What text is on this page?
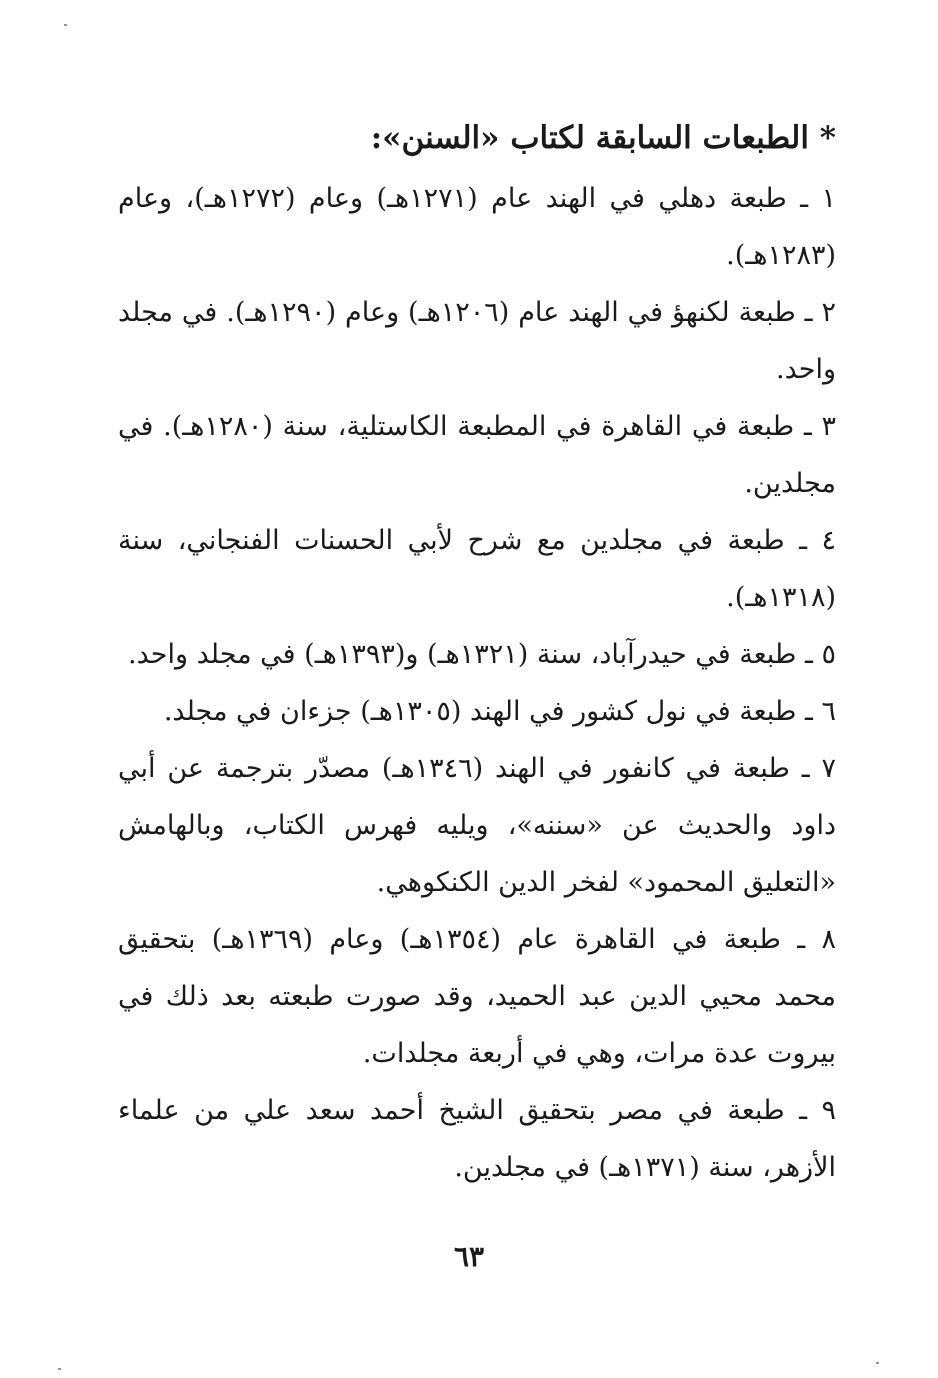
* الطبعات السابقة لكتاب «السنن»:

١ ـ طبعة دهلي في الهند عام (١٢٧١هـ) وعام (١٢٧٢هـ)، وعام (١٢٨٣هـ).

٢ ـ طبعة لكنهؤ في الهند عام (١٢٠٦هـ) وعام (١٢٩٠هـ). في مجلد واحد.

٣ ـ طبعة في القاهرة في المطبعة الكاستلية، سنة (١٢٨٠هـ). في مجلدين.

٤ ـ طبعة في مجلدين مع شرح لأبي الحسنات الفنجاني، سنة (١٣١٨هـ).

٥ ـ طبعة في حيدرآباد، سنة (١٣٢١هـ) و(١٣٩٣هـ) في مجلد واحد.

٦ ـ طبعة في نول كشور في الهند (١٣٠٥هـ) جزءان في مجلد.

٧ ـ طبعة في كانفور في الهند (١٣٤٦هـ) مصدّر بترجمة عن أبي داود والحديث عن «سننه»، ويليه فهرس الكتاب، وبالهامش «التعليق المحمود» لفخر الدين الكنكوهي.

٨ ـ طبعة في القاهرة عام (١٣٥٤هـ) وعام (١٣٦٩هـ) بتحقيق محمد محيي الدين عبد الحميد، وقد صورت طبعته بعد ذلك في بيروت عدة مرات، وهي في أربعة مجلدات.

٩ ـ طبعة في مصر بتحقيق الشيخ أحمد سعد علي من علماء الأزهر، سنة (١٣٧١هـ) في مجلدين.

٦٣
